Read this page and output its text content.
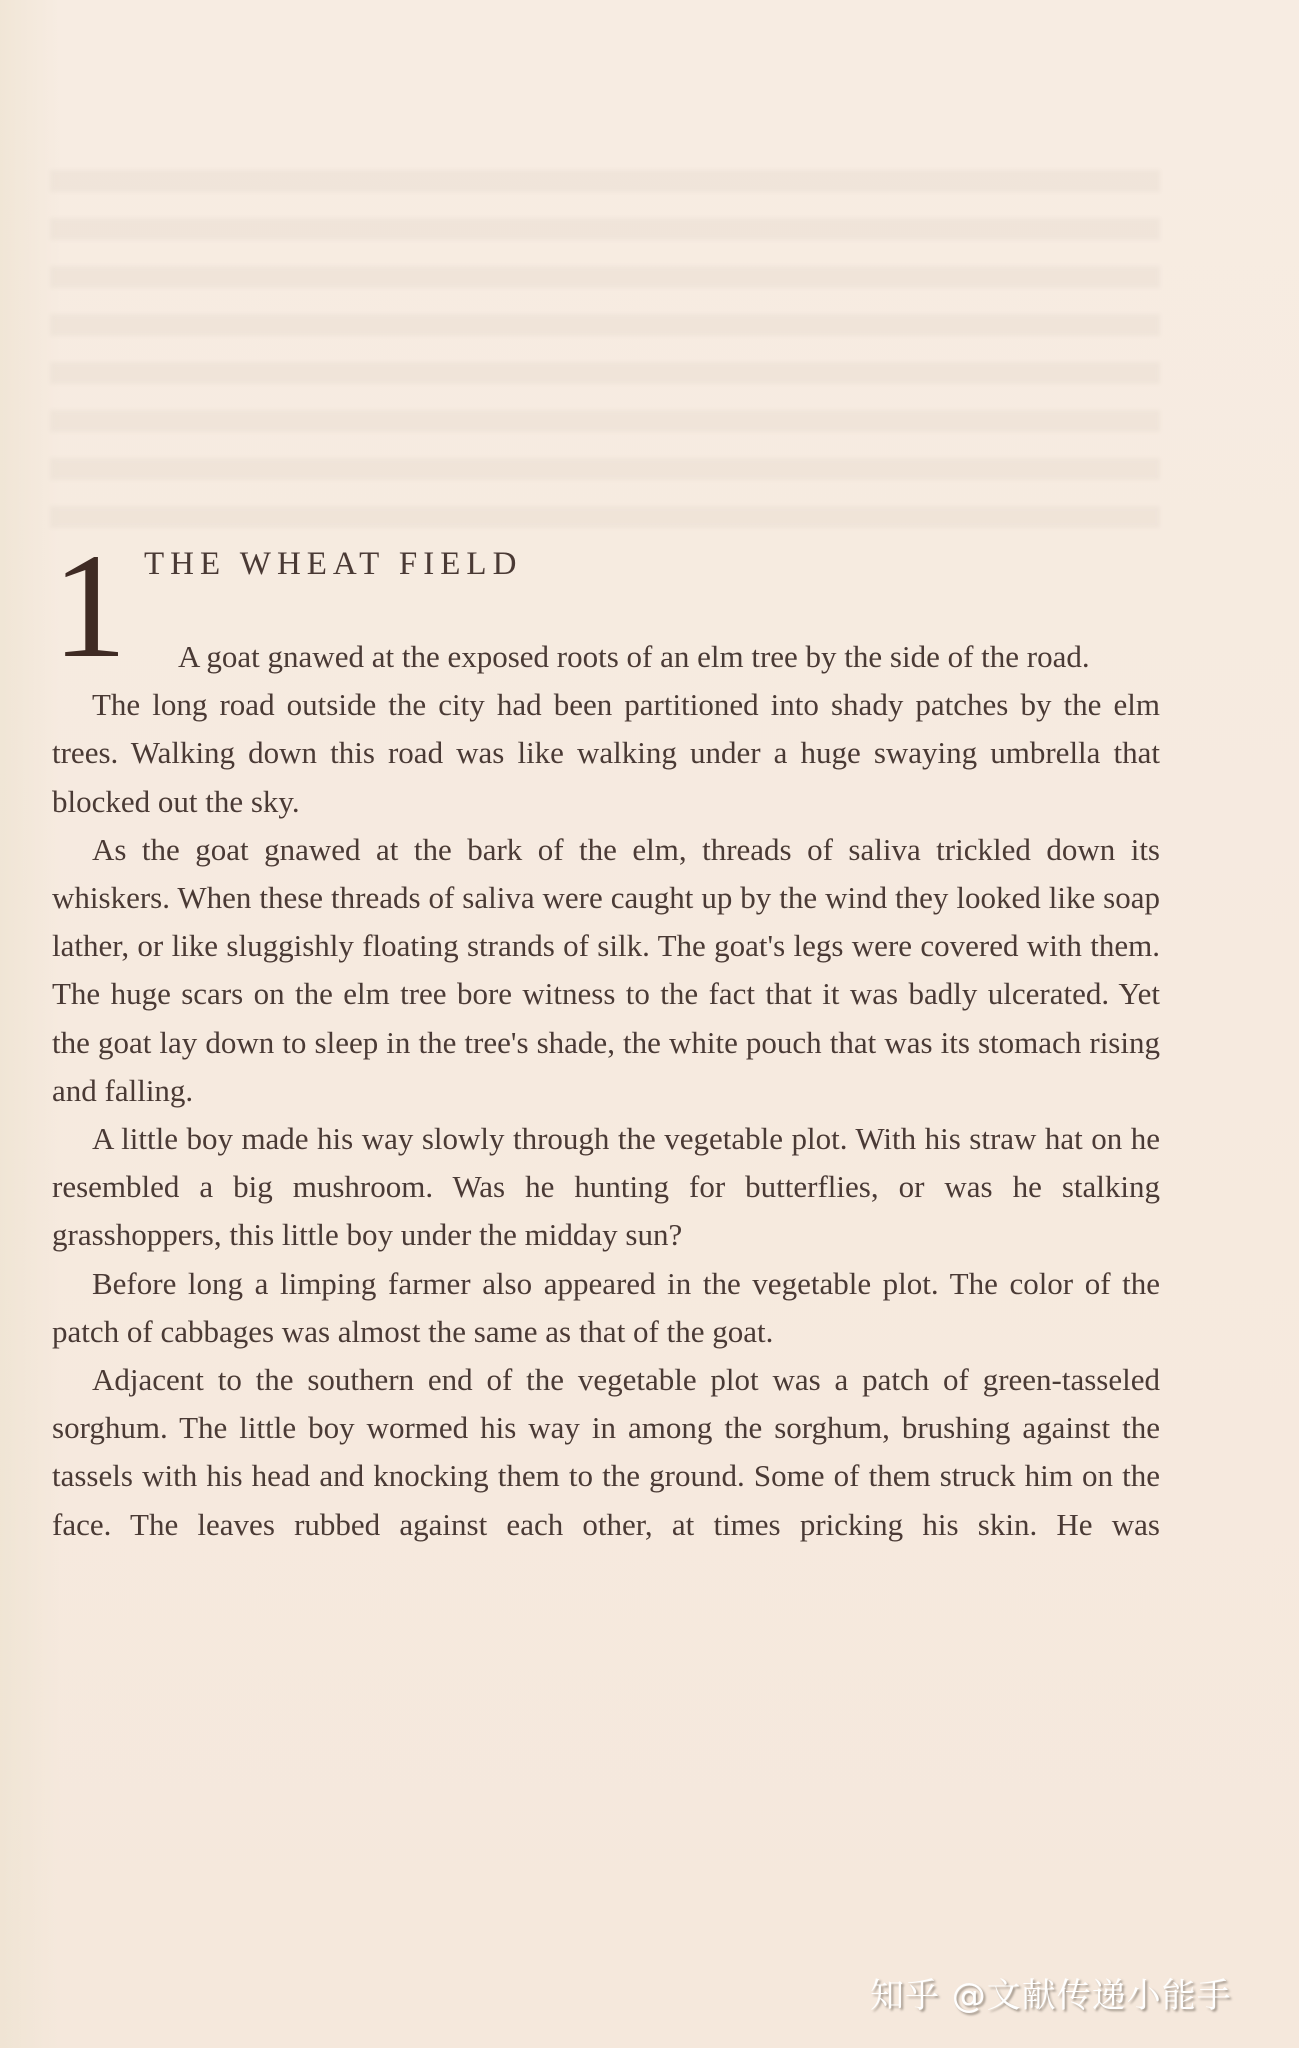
1 THE WHEAT FIELD

A goat gnawed at the exposed roots of an elm tree by the side of the road.

The long road outside the city had been partitioned into shady patches by the elm trees. Walking down this road was like walking under a huge swaying umbrella that blocked out the sky.

As the goat gnawed at the bark of the elm, threads of saliva trickled down its whiskers. When these threads of saliva were caught up by the wind they looked like soap lather, or like sluggishly floating strands of silk. The goat's legs were covered with them. The huge scars on the elm tree bore witness to the fact that it was badly ulcerated. Yet the goat lay down to sleep in the tree's shade, the white pouch that was its stomach rising and falling.

A little boy made his way slowly through the vegetable plot. With his straw hat on he resembled a big mushroom. Was he hunting for butterflies, or was he stalking grasshoppers, this little boy under the midday sun?

Before long a limping farmer also appeared in the vegetable plot. The color of the patch of cabbages was almost the same as that of the goat.

Adjacent to the southern end of the vegetable plot was a patch of green-tasseled sorghum. The little boy wormed his way in among the sorghum, brushing against the tassels with his head and knocking them to the ground. Some of them struck him on the face. The leaves rubbed against each other, at times pricking his skin. He was

知乎 @文献传递小能手
